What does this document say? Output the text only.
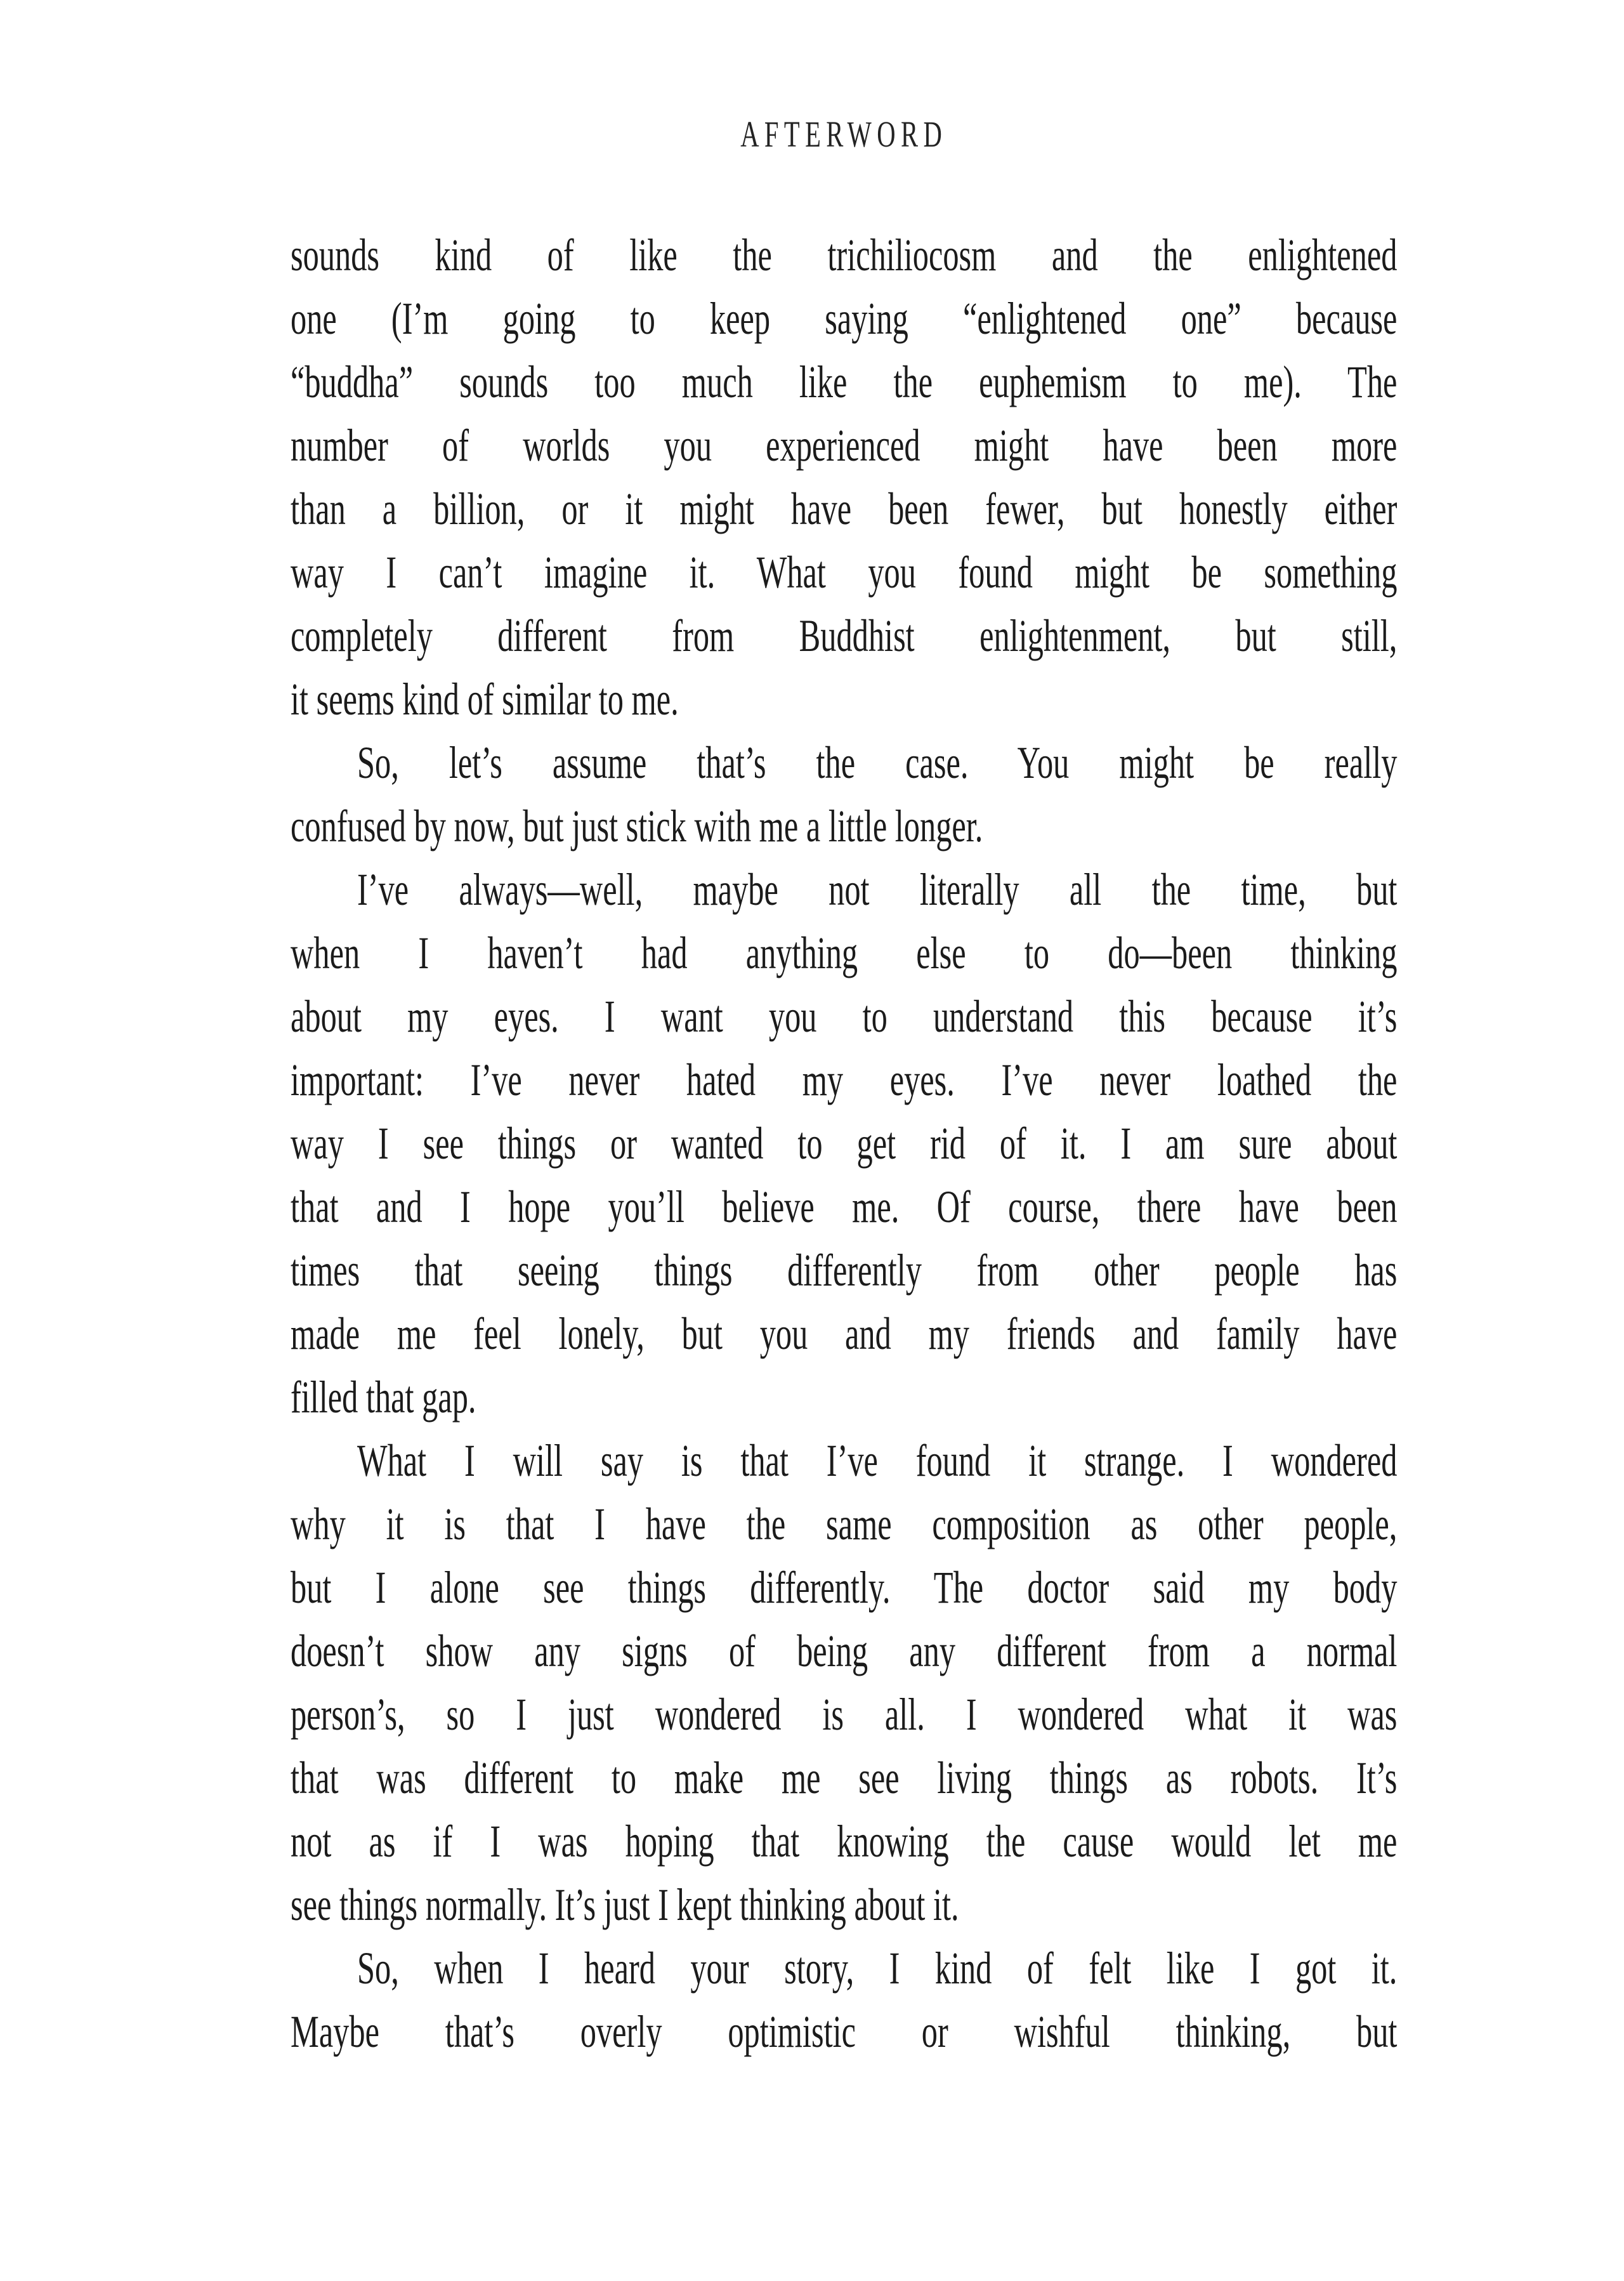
AFTERWORD
sounds kind of like the trichiliocosm and the enlightened
one (I’m going to keep saying “enlightened one” because
“buddha” sounds too much like the euphemism to me). The
number of worlds you experienced might have been more
than a billion, or it might have been fewer, but honestly either
way I can’t imagine it. What you found might be something
completely different from Buddhist enlightenment, but still,
it seems kind of similar to me.
So, let’s assume that’s the case. You might be really
confused by now, but just stick with me a little longer.
I’ve always—well, maybe not literally all the time, but
when I haven’t had anything else to do—been thinking
about my eyes. I want you to understand this because it’s
important: I’ve never hated my eyes. I’ve never loathed the
way I see things or wanted to get rid of it. I am sure about
that and I hope you’ll believe me. Of course, there have been
times that seeing things differently from other people has
made me feel lonely, but you and my friends and family have
filled that gap.
What I will say is that I’ve found it strange. I wondered
why it is that I have the same composition as other people,
but I alone see things differently. The doctor said my body
doesn’t show any signs of being any different from a normal
person’s, so I just wondered is all. I wondered what it was
that was different to make me see living things as robots. It’s
not as if I was hoping that knowing the cause would let me
see things normally. It’s just I kept thinking about it.
So, when I heard your story, I kind of felt like I got it.
Maybe that’s overly optimistic or wishful thinking, but
